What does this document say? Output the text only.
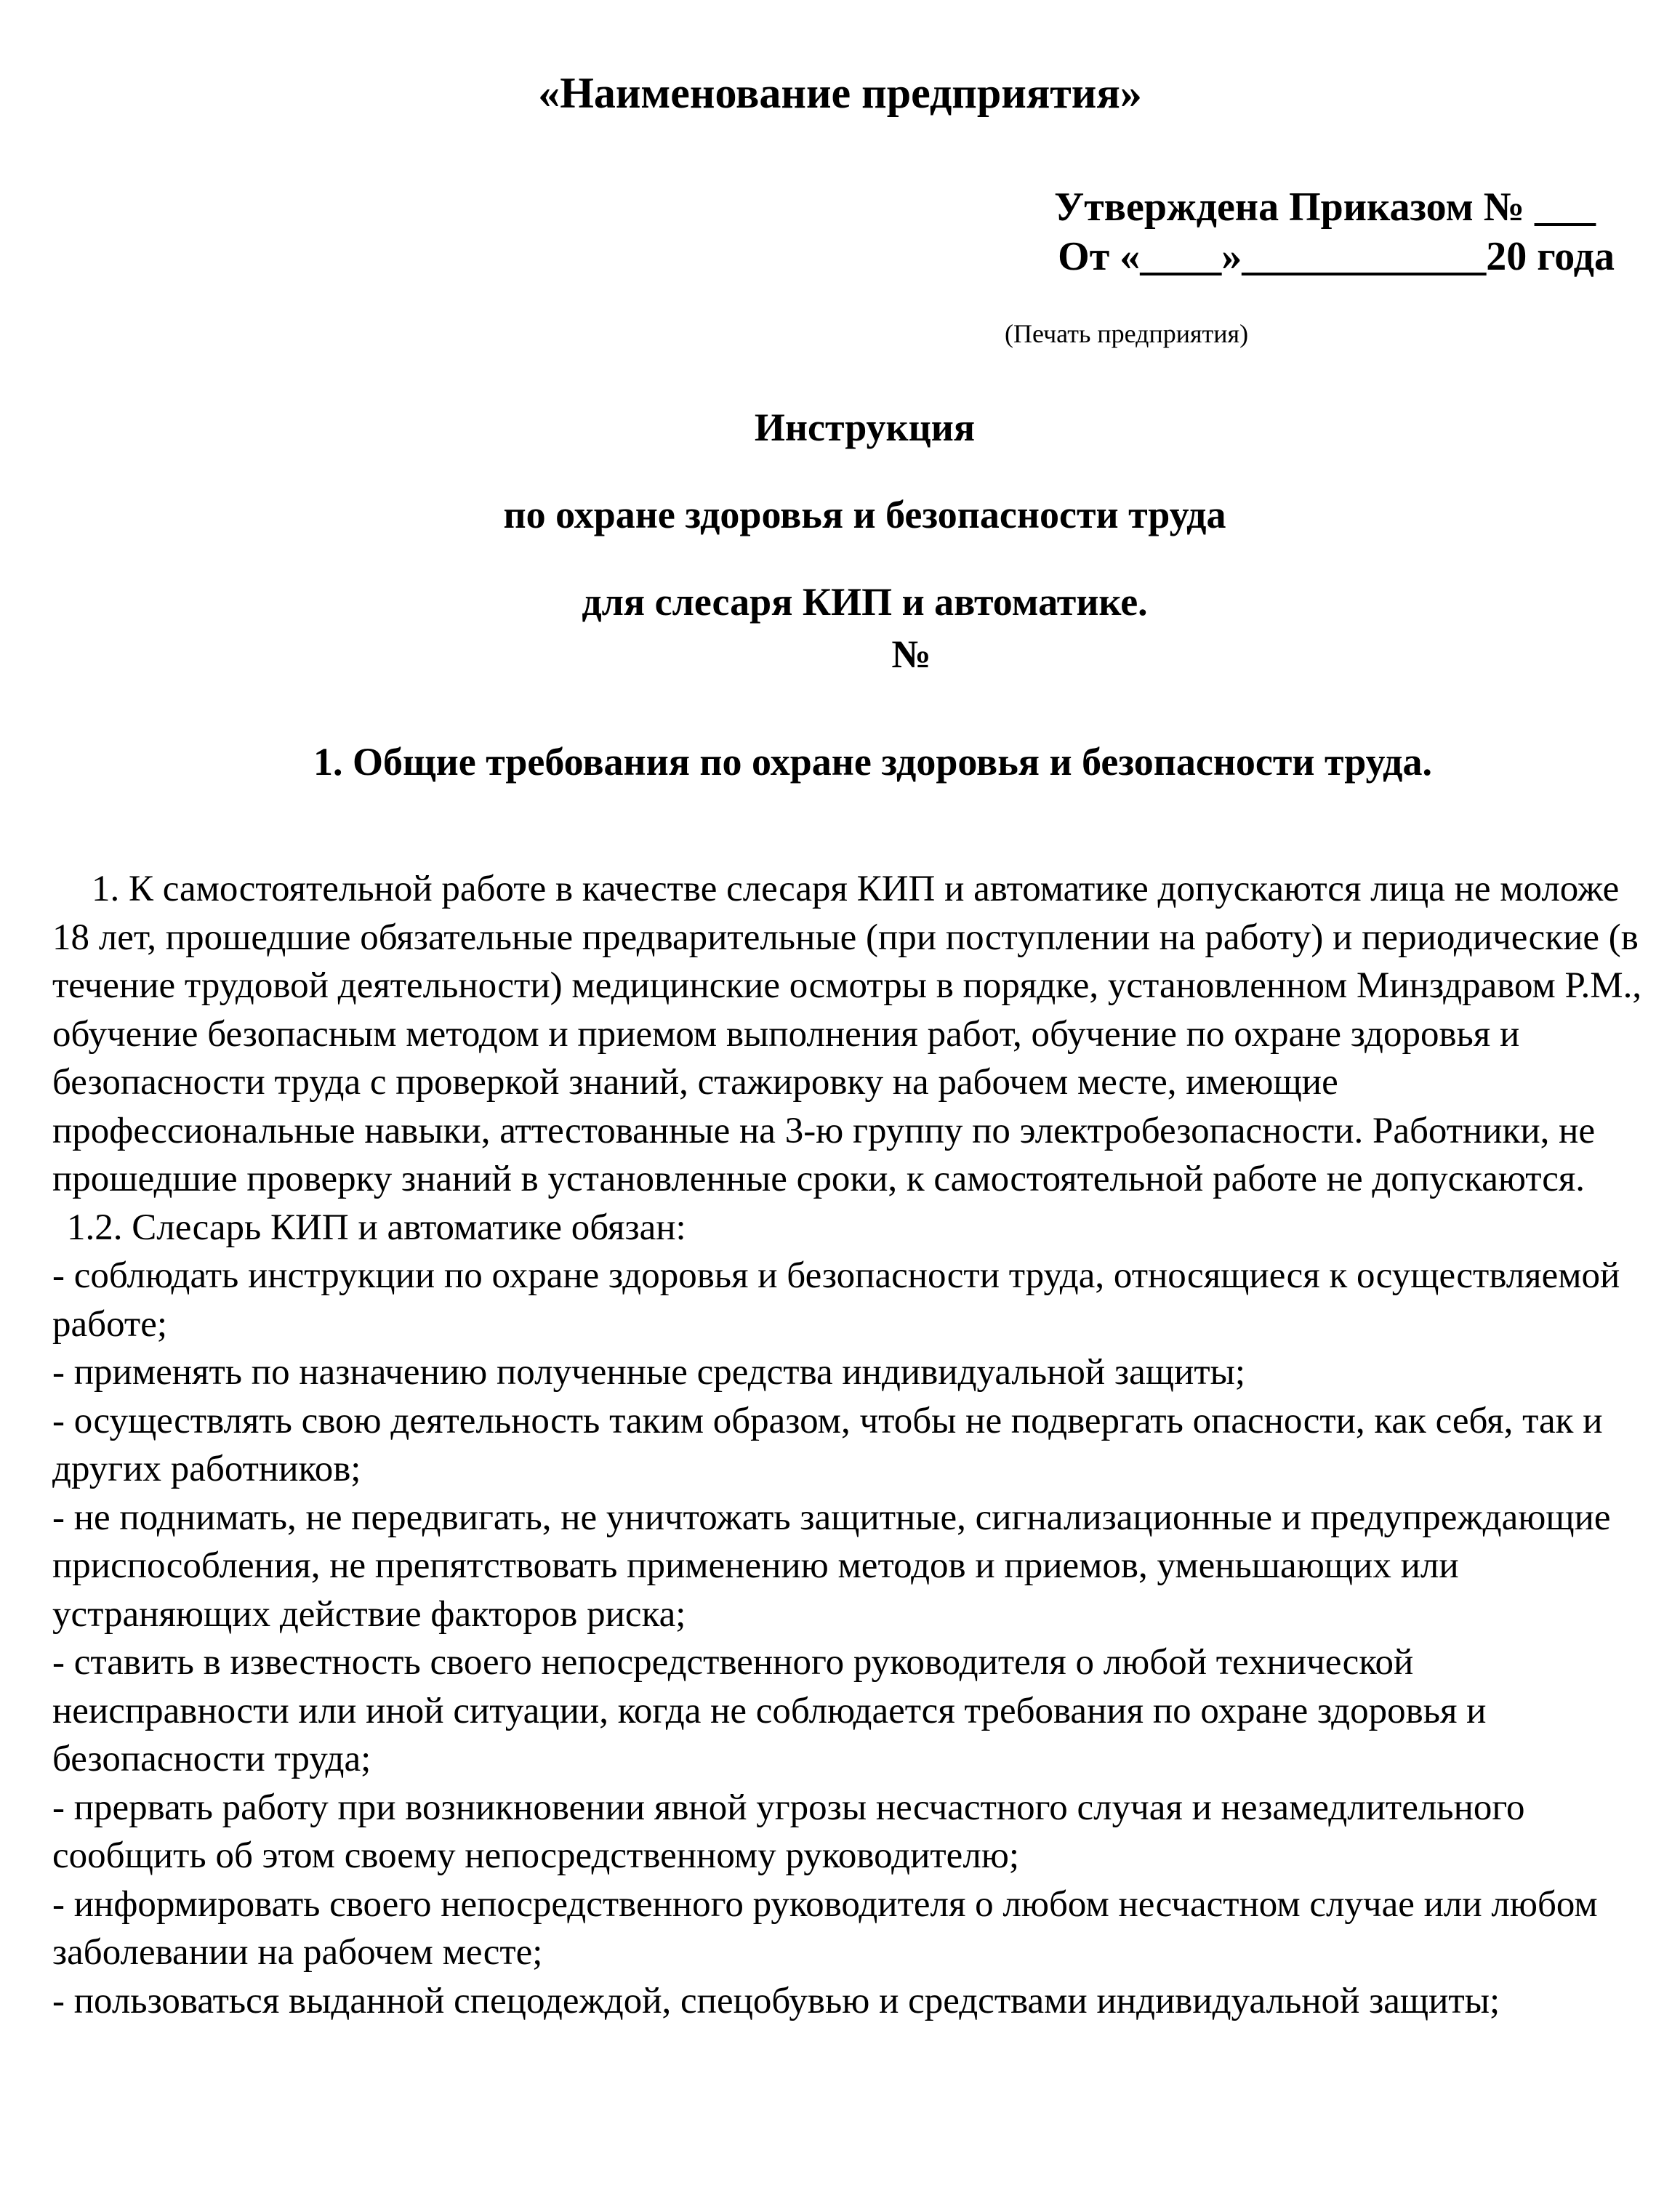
«Наименование предприятия»
Утверждена Приказом № ___
От «____»____________20 года
(Печать предприятия)
Инструкция
по охране здоровья и безопасности труда
для слесаря КИП и автоматике.
№
1. Общие требования по охране здоровья и безопасности труда.

1. К самостоятельной работе в качестве слесаря КИП и автоматике допускаются лица не моложе 18 лет, прошедшие обязательные предварительные (при поступлении на работу) и периодические (в течение трудовой деятельности) медицинские осмотры в порядке, установленном Минздравом Р.М., обучение безопасным методом и приемом выполнения работ, обучение по охране здоровья и безопасности труда с проверкой знаний, стажировку на рабочем месте, имеющие профессиональные навыки, аттестованные на 3-ю группу по электробезопасности. Работники, не прошедшие проверку знаний в установленные сроки, к самостоятельной работе не допускаются.

1.2. Слесарь КИП и автоматике обязан:

- соблюдать инструкции по охране здоровья и безопасности труда, относящиеся к осуществляемой работе;

- применять по назначению полученные средства индивидуальной защиты;

- осуществлять свою деятельность таким образом, чтобы не подвергать опасности, как себя, так и других работников;

- не поднимать, не передвигать, не уничтожать защитные, сигнализационные и предупреждающие приспособления, не препятствовать применению методов и приемов, уменьшающих или устраняющих действие факторов риска;

- ставить в известность своего непосредственного руководителя о любой технической неисправности или иной ситуации, когда не соблюдается требования по охране здоровья и безопасности труда;

- прервать работу при возникновении явной угрозы несчастного случая и незамедлительного сообщить об этом своему непосредственному руководителю;

- информировать своего непосредственного руководителя о любом несчастном случае или любом заболевании на рабочем месте;

- пользоваться выданной спецодеждой, спецобувью и средствами индивидуальной защиты;
